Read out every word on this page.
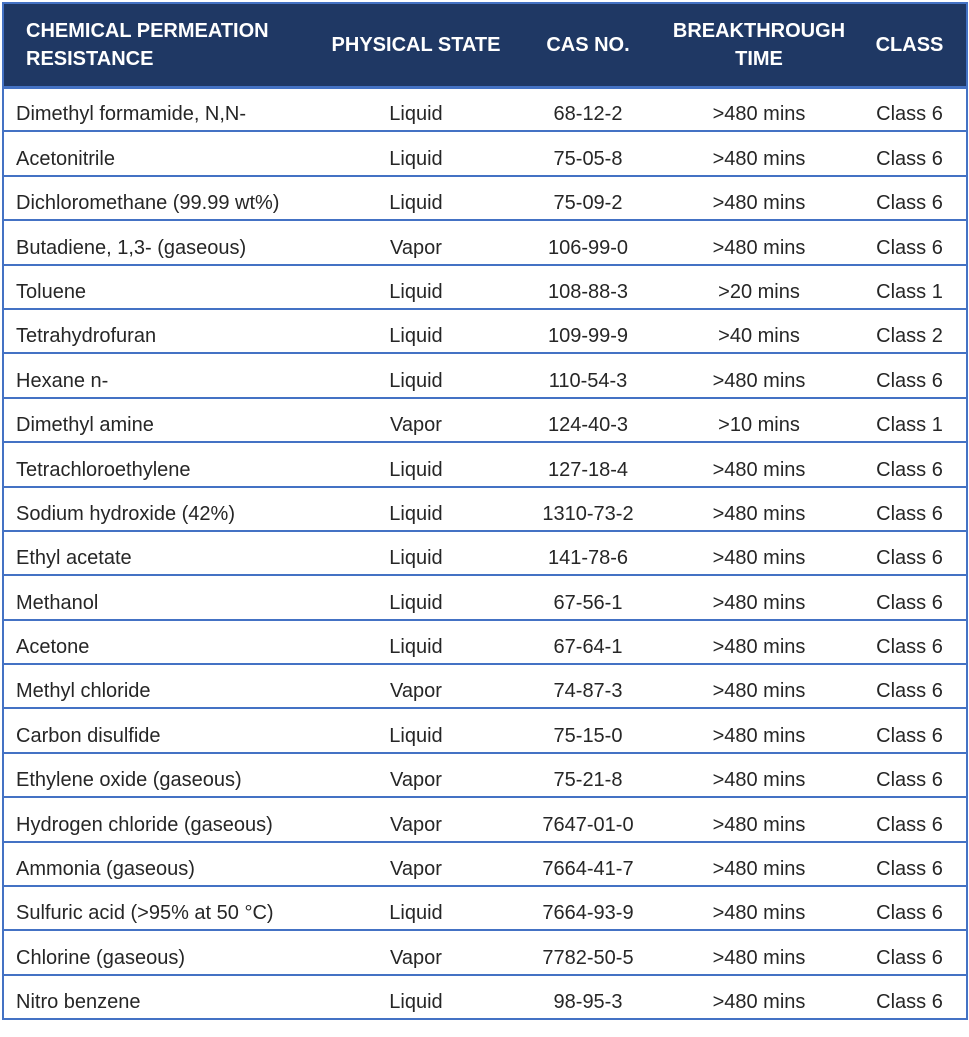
CHEMICAL PERMEATION RESISTANCE	PHYSICAL STATE	CAS NO.	BREAKTHROUGH TIME	CLASS
Dimethyl formamide, N,N-	Liquid	68-12-2	>480 mins	Class 6
Acetonitrile	Liquid	75-05-8	>480 mins	Class 6
Dichloromethane (99.99 wt%)	Liquid	75-09-2	>480 mins	Class 6
Butadiene, 1,3- (gaseous)	Vapor	106-99-0	>480 mins	Class 6
Toluene	Liquid	108-88-3	>20 mins	Class 1
Tetrahydrofuran	Liquid	109-99-9	>40 mins	Class 2
Hexane n-	Liquid	110-54-3	>480 mins	Class 6
Dimethyl amine	Vapor	124-40-3	>10 mins	Class 1
Tetrachloroethylene	Liquid	127-18-4	>480 mins	Class 6
Sodium hydroxide (42%)	Liquid	1310-73-2	>480 mins	Class 6
Ethyl acetate	Liquid	141-78-6	>480 mins	Class 6
Methanol	Liquid	67-56-1	>480 mins	Class 6
Acetone	Liquid	67-64-1	>480 mins	Class 6
Methyl chloride	Vapor	74-87-3	>480 mins	Class 6
Carbon disulfide	Liquid	75-15-0	>480 mins	Class 6
Ethylene oxide (gaseous)	Vapor	75-21-8	>480 mins	Class 6
Hydrogen chloride (gaseous)	Vapor	7647-01-0	>480 mins	Class 6
Ammonia (gaseous)	Vapor	7664-41-7	>480 mins	Class 6
Sulfuric acid (>95% at 50 °C)	Liquid	7664-93-9	>480 mins	Class 6
Chlorine (gaseous)	Vapor	7782-50-5	>480 mins	Class 6
Nitro benzene	Liquid	98-95-3	>480 mins	Class 6
